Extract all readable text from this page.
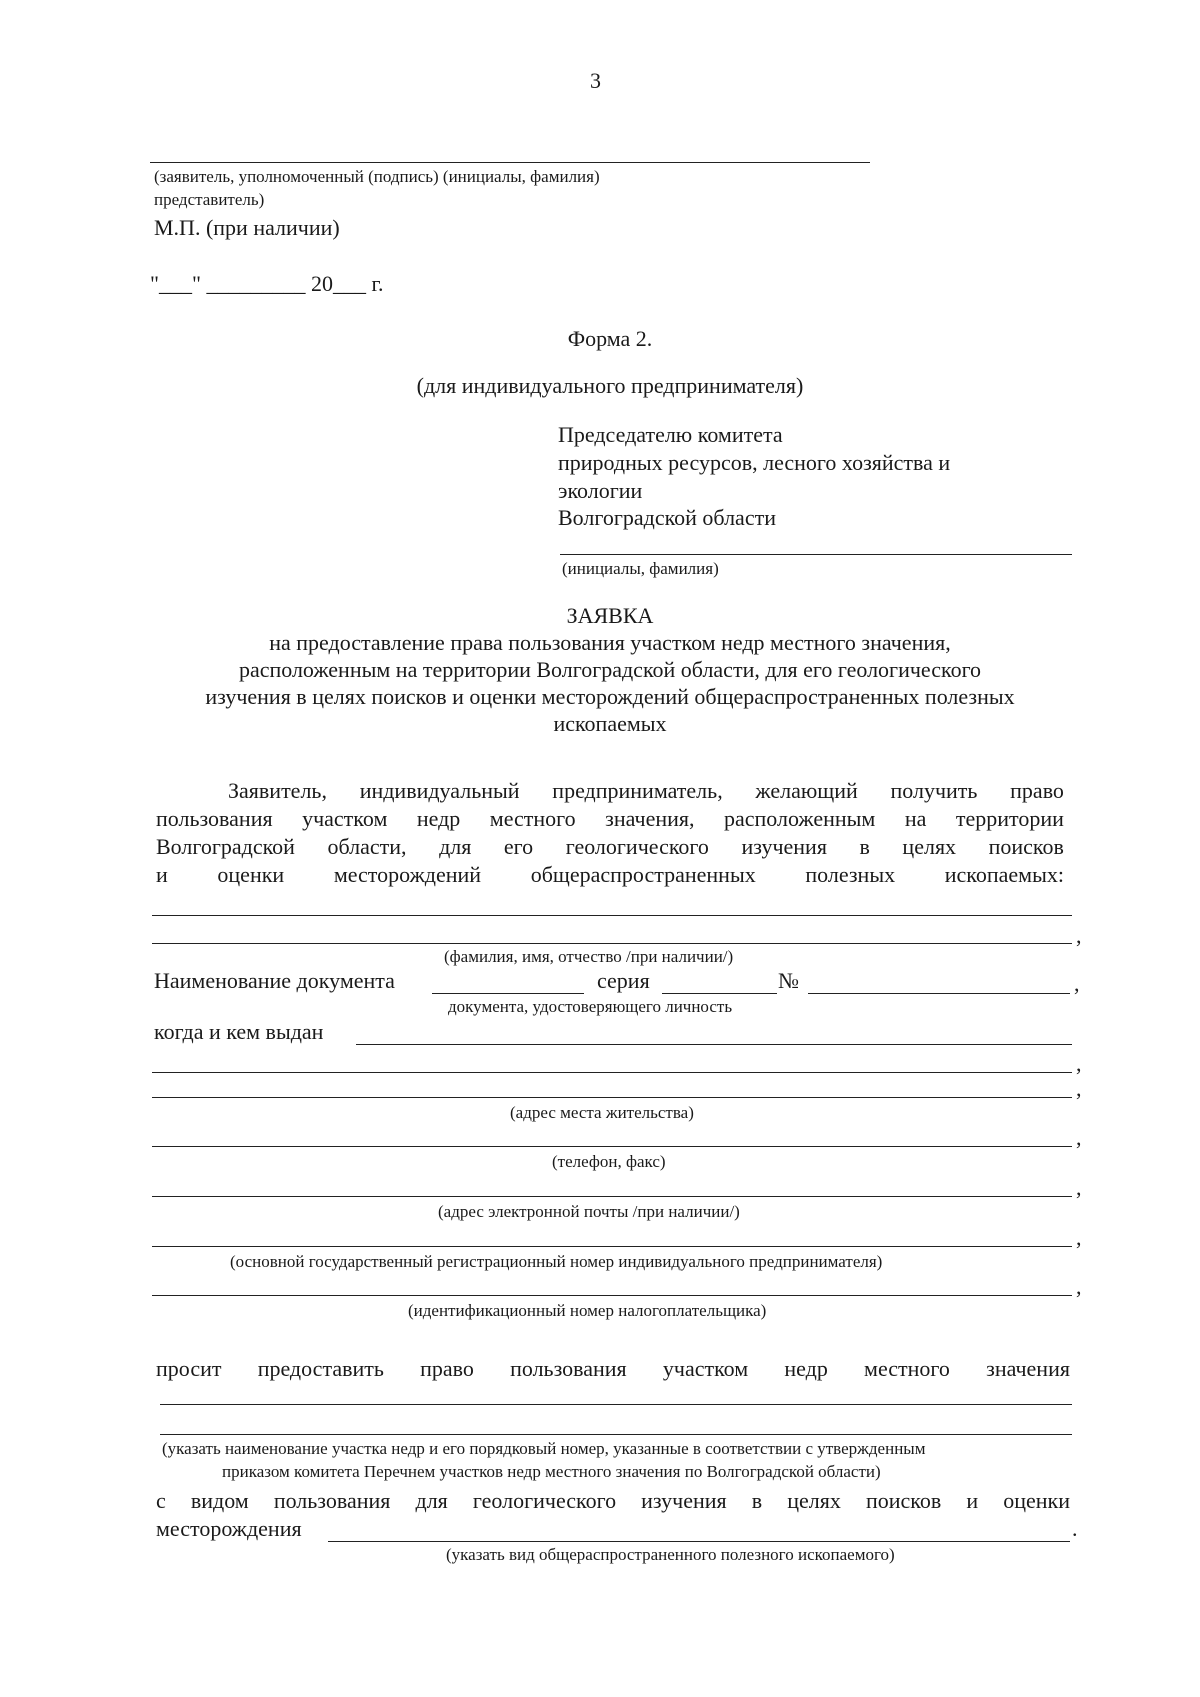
3
(заявитель, уполномоченный (подпись) (инициалы, фамилия)
представитель)
М.П. (при наличии)
"___" _________ 20___ г.
Форма 2.
(для индивидуального предпринимателя)
Председателю комитета
природных ресурсов, лесного хозяйства и
экологии
Волгоградской области
(инициалы, фамилия)
ЗАЯВКА
на предоставление права пользования участком недр местного значения,
расположенным на территории Волгоградской области, для его геологического
изучения в целях поисков и оценки месторождений общераспространенных полезных
ископаемых
Заявитель, индивидуальный предприниматель, желающий получить право
пользования участком недр местного значения, расположенным на территории
Волгоградской области, для его геологического изучения в целях поисков
и оценки месторождений общераспространенных полезных ископаемых:
,
(фамилия, имя, отчество /при наличии/)
Наименование документа	серия	№	,
документа, удостоверяющего личность
когда и кем выдан
,
,
(адрес места жительства)
,
(телефон, факс)
,
(адрес электронной почты /при наличии/)
,
(основной государственный регистрационный номер индивидуального предпринимателя)
,
(идентификационный номер налогоплательщика)
просит предоставить право пользования участком недр местного значения
(указать наименование участка недр и его порядковый номер, указанные в соответствии с утвержденным
приказом комитета Перечнем участков недр местного значения по Волгоградской области)
с видом пользования для геологического изучения в целях поисков и оценки
месторождения	.
(указать вид общераспространенного полезного ископаемого)
